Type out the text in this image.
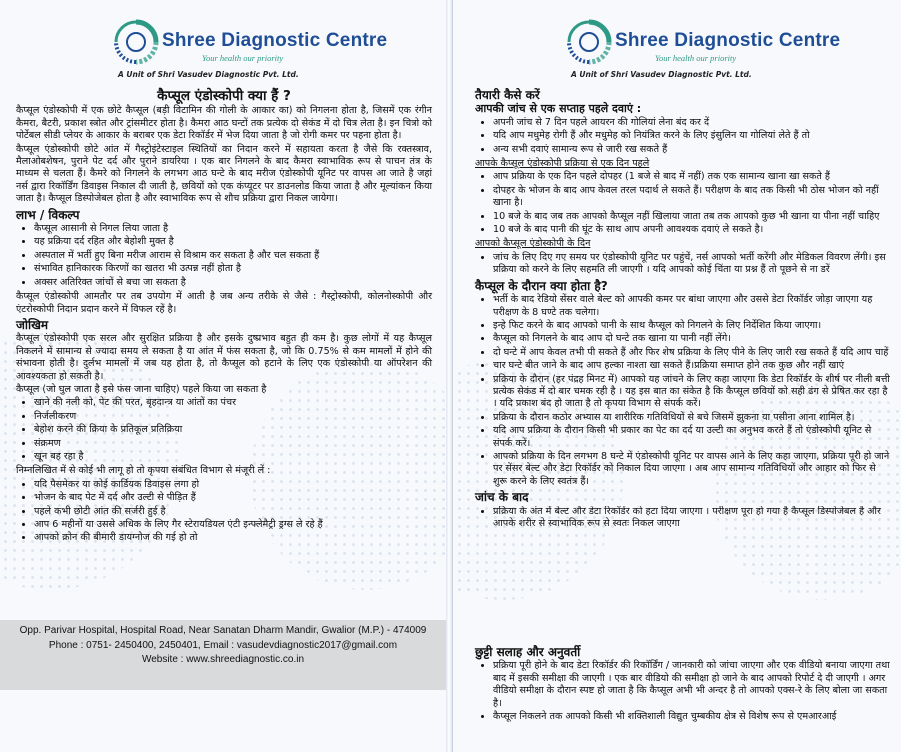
Shree Diagnostic Centre
Your health our priority
A Unit of Shri Vasudev Diagnostic Pvt. Ltd.
कैप्सूल एंडोस्कोपी क्या हैं ?

कैप्सूल एंडोस्कोपी में एक छोटे कैप्सूल (बड़ी विटामिन की गोली के आकार का) को निगलना होता है, जिसमें एक रंगीन कैमरा, बैटरी, प्रकाश स्त्रोत और ट्रांसमीटर होता है। कैमरा आठ घन्टों तक प्रत्येक दो सेकंड में दो चित्र लेता है। इन चित्रो को पोर्टेबल सीडी प्लेयर के आकार के बराबर एक डेटा रिकॉर्डर में भेज दिया जाता है जो रोगी कमर पर पहना होता है।

कैप्सूल एंडोस्कोपी छोटे आंत में गैस्ट्रोइंटेस्टाइल स्थितियों का निदान करने में सहायता करता है जैसे कि रक्तस्त्राव, मैलाओबशेषन, पुराने पेट दर्द और पुराने डायरिया । एक बार निगलने के बाद कैमरा स्वाभाविक रूप से पाचन तंत्र के माध्यम से चलता हैं। कैमरे को निगलने के लगभग आठ घन्टे के बाद मरीज एंडोस्कोपी यूनिट पर वापस आ जाते है जहां नर्स द्वारा रिकॉर्डिंग डिवाइस निकाल दी जाती है, छवियों को एक कंप्यूटर पर डाउनलोड किया जाता है और मूल्यांकन किया जाता है। कैप्सूल डिस्पोजेबल होता है और स्वाभाविक रूप से शौच प्रक्रिया द्वारा निकल जायेगा।

लाभ / विकल्प
• कैप्सूल आसानी से निगल लिया जाता है
• यह प्रक्रिया दर्द रहित और बेहोशी मुक्त है
• अस्पताल में भर्ती हुए बिना मरीज आराम से विश्राम कर सकता है और चल सकता हैं
• संभावित हानिकारक किरणों का खतरा भी उत्पन्न नहीं होता है
• अक्सर अतिरिक्त जांचों से बचा जा सकता है

कैप्सूल एंडोस्कोपी आमतौर पर तब उपयोग में आती है जब अन्य तरीके से जैसे : गैस्ट्रोस्कोपी, कोलनोस्कोपी और एंटरोस्कोपी निदान प्रदान करने में विफल रहें है।

जोखिम

कैप्सूल एंडोस्कोपी एक सरल और सुरक्षित प्रक्रिया है और इसके दुष्प्रभाव बहुत ही कम है। कुछ लोगों में यह कैप्सूल निकलने में सामान्य से ज्यादा समय ले सकता है या आंत में फंस सकता है, जो कि 0.75% से कम मामलों में होने की संभावना होती है। दुर्लभ मामलों में जब यह होता है, तो कैप्सूल को हटाने के लिए एक एंडोस्कोपी या ऑपरेशन की आवश्यकता हो सकती है।

कैप्सूल (जो घुल जाता है इसे फंस जाना चाहिए) पहले किया जा सकता है

• खाने की नली को, पेट की परत, बृहदान्त्र या आंतों का पंचर
• निर्जलीकरण
• बेहोश करने की क्रिया के प्रतिकूल प्रतिक्रिया
• संक्रमण
• खून बह रहा है

निम्नलिखित में से कोई भी लागू हो तो कृपया संबंधित विभाग से मंजूरी लें :

• यदि पैसमेकर या कोई कार्डियक डिवाइस लगा हो
• भोजन के बाद पेट में दर्द और उल्टी से पीड़ित हैं
• पहले कभी छोटी आंत की सर्जरी हुई है
• आप 6 महीनों या उससे अधिक के लिए गैर स्टेरायडियल एंटी इन्फ्लेमैट्री ड्रग्स ले रहे हैं
• आपको क्रोन की बीमारी डायग्नोज की गई हो तो
Opp. Parivar Hospital, Hospital Road, Near Sanatan Dharm Mandir, Gwalior (M.P.) - 474009
Phone : 0751- 2450400, 2450401, Email : vasudevdiagnostic2017@gmail.com
Website : www.shreediagnostic.co.in
Shree Diagnostic Centre
Your health our priority
A Unit of Shri Vasudev Diagnostic Pvt. Ltd.
तैयारी कैसे करें
आपकी जांच से एक सप्ताह पहले दवाएं :
• अपनी जांच से 7 दिन पहले आयरन की गोलियां लेना बंद कर दें
• यदि आप मधुमेह रोगी हैं और मधुमेह को नियंत्रित करने के लिए इंसुलिन या गोलियां लेते हैं तो
• अन्य सभी दवाएं सामान्य रूप से जारी रख सकते हैं
आपके कैप्सूल एंडोस्कोपी प्रक्रिया से एक दिन पहले
• आप प्रक्रिया के एक दिन पहले दोपहर (1 बजे से बाद में नहीं) तक एक सामान्य खाना खा सकते हैं
• दोपहर के भोजन के बाद आप केवल तरल पदार्थ ले सकते हैं। परीक्षण के बाद तक किसी भी ठोस भोजन को नहीं खाना है।
• 10 बजे के बाद जब तक आपको कैप्सूल नहीं खिलाया जाता तब तक आपको कुछ भी खाना या पीना नहीं चाहिए
• 10 बजे के बाद पानी की घूंट के साथ आप अपनी आवश्यक दवाएं ले सकते है।
आपको कैप्सूल एंडोस्कोपी के दिन
• जांच के लिए दिए गए समय पर एंडोस्कोपी यूनिट पर पहुंचें, नर्स आपको भर्ती करेंगी और मेडिकल विवरण लेंगी। इस प्रक्रिया को करने के लिए सहमति ली जाएगी । यदि आपको कोई चिंता या प्रश्न हैं तो पूछने से ना डरें
कैप्सूल के दौरान क्या होता है?
• भर्ती के बाद रेडियो सेंसर वाले बेल्ट को आपकी कमर पर बांधा जाएगा और उससे डेटा रिकॉर्डर जोड़ा जाएगा यह परीक्षण के 8 घण्टे तक चलेगा।
• इन्हे फिट करने के बाद आपको पानी के साथ कैप्सूल को निगलने के लिए निर्देशित किया जाएगा।
• कैप्सूल को निगलने के बाद आप दो घन्टे तक खाना या पानी नहीं लेंगे।
• दो घन्टे में आप केवल तभी पी सकते हैं और फिर शेष प्रक्रिया के लिए पीने के लिए जारी रख सकते हैं यदि आप चाहें
• चार घन्टे बीत जाने के बाद आप हल्का नाश्ता खा सकते हैं।प्रक्रिया समाप्त होने तक कुछ और नहीं खाएं
• प्रक्रिया के दौरान (हर पंद्रह मिनट में) आपको यह जांचने के लिए कहा जाएगा कि डेटा रिकॉर्डर के शीर्ष पर नीली बत्ती प्रत्येक सेकंड में दो बार चमक रही है । यह इस बात का संकेत है कि कैप्सूल छवियों को सही ढंग से प्रेषित कर रहा है । यदि प्रकाश बंद हो जाता है तो कृपया विभाग से संपर्क करें।
• प्रक्रिया के दौरान कठोर अभ्यास या शारीरिक गतिविधियों से बचे जिसमें झुकना या पसीना आना शामिल है।
• यदि आप प्रक्रिया के दौरान किसी भी प्रकार का पेट का दर्द या उल्टी का अनुभव करते हैं तो एंडोस्कोपी यूनिट से संपर्क करें।
• आपको प्रक्रिया के दिन लगभग 8 घन्टे में एंडोस्कोपी यूनिट पर वापस आने के लिए कहा जाएगा, प्रक्रिया पूरी हो जाने पर सेंसर बेल्ट और डेटा रिकॉर्डर को निकाल दिया जाएगा । अब आप सामान्य गतिविधियों और आहार को फिर से शुरू करने के लिए स्वतंत्र हैं।
जांच के बाद
• प्रक्रिया के अंत में बेल्ट और डेटा रिकॉर्डर को हटा दिया जाएगा । परीक्षण पूरा हो गया है कैप्सूल डिस्पोजेबल है और आपके शरीर से स्वाभाविक रूप से स्वतः निकल जाएगा
छुट्टी सलाह और अनुवर्ती
• प्रक्रिया पूरी होने के बाद डेटा रिकॉर्डर की रिकॉर्डिंग / जानकारी को जांचा जाएगा और एक वीडियो बनाया जाएगा तथा बाद में इसकी समीक्षा की जाएगी । एक बार वीडियो की समीक्षा हो जाने के बाद आपको रिपोर्ट दे दी जाएगी । अगर वीडियो समीक्षा के दौरान स्पष्ट हो जाता है कि कैप्सूल अभी भी अन्दर है तो आपको एक्स-रे के लिए बोला जा सकता है।
• कैप्सूल निकलने तक आपको किसी भी शक्तिशाली विद्युत चुम्बकीय क्षेत्र से विशेष रूप से एमआरआई
